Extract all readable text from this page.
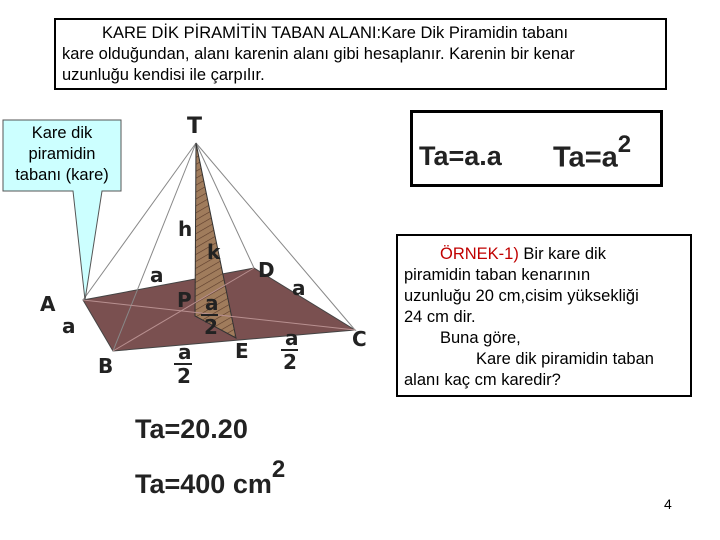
KARE DİK PİRAMİTİN TABAN ALANI:Kare Dik Piramidin tabanı
kare olduğundan, alanı karenin alanı gibi hesaplanır. Karenin bir kenar
uzunluğu kendisi ile çarpılır.
T
h
k
a	D
a
A	P a
2
a	a
2
C
E
a
2
B
Kare dik
piramidin
tabanı (kare)
Ta=a.a $Ta=a^2$
ÖRNEK-1) Bir kare dik
piramidin taban kenarının
uzunluğu 20 cm,cisim yüksekliği
24 cm dir.
Buna göre,
Kare dik piramidin taban
alanı kaç cm karedir?
Ta=20.20
Ta=400 $cm^2$
4
